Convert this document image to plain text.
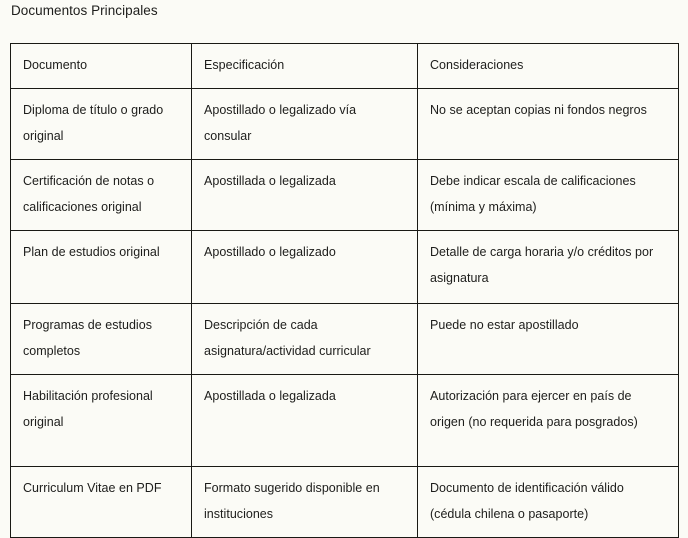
Documentos Principales
Documento	Especificación	Consideraciones
Diploma de título o grado original	Apostillado o legalizado vía consular	No se aceptan copias ni fondos negros
Certificación de notas o calificaciones original	Apostillada o legalizada	Debe indicar escala de calificaciones (mínima y máxima)
Plan de estudios original	Apostillado o legalizado	Detalle de carga horaria y/o créditos por asignatura
Programas de estudios completos	Descripción de cada asignatura/actividad curricular	Puede no estar apostillado
Habilitación profesional original	Apostillada o legalizada	Autorización para ejercer en país de origen (no requerida para posgrados)
Curriculum Vitae en PDF	Formato sugerido disponible en instituciones	Documento de identificación válido (cédula chilena o pasaporte)
